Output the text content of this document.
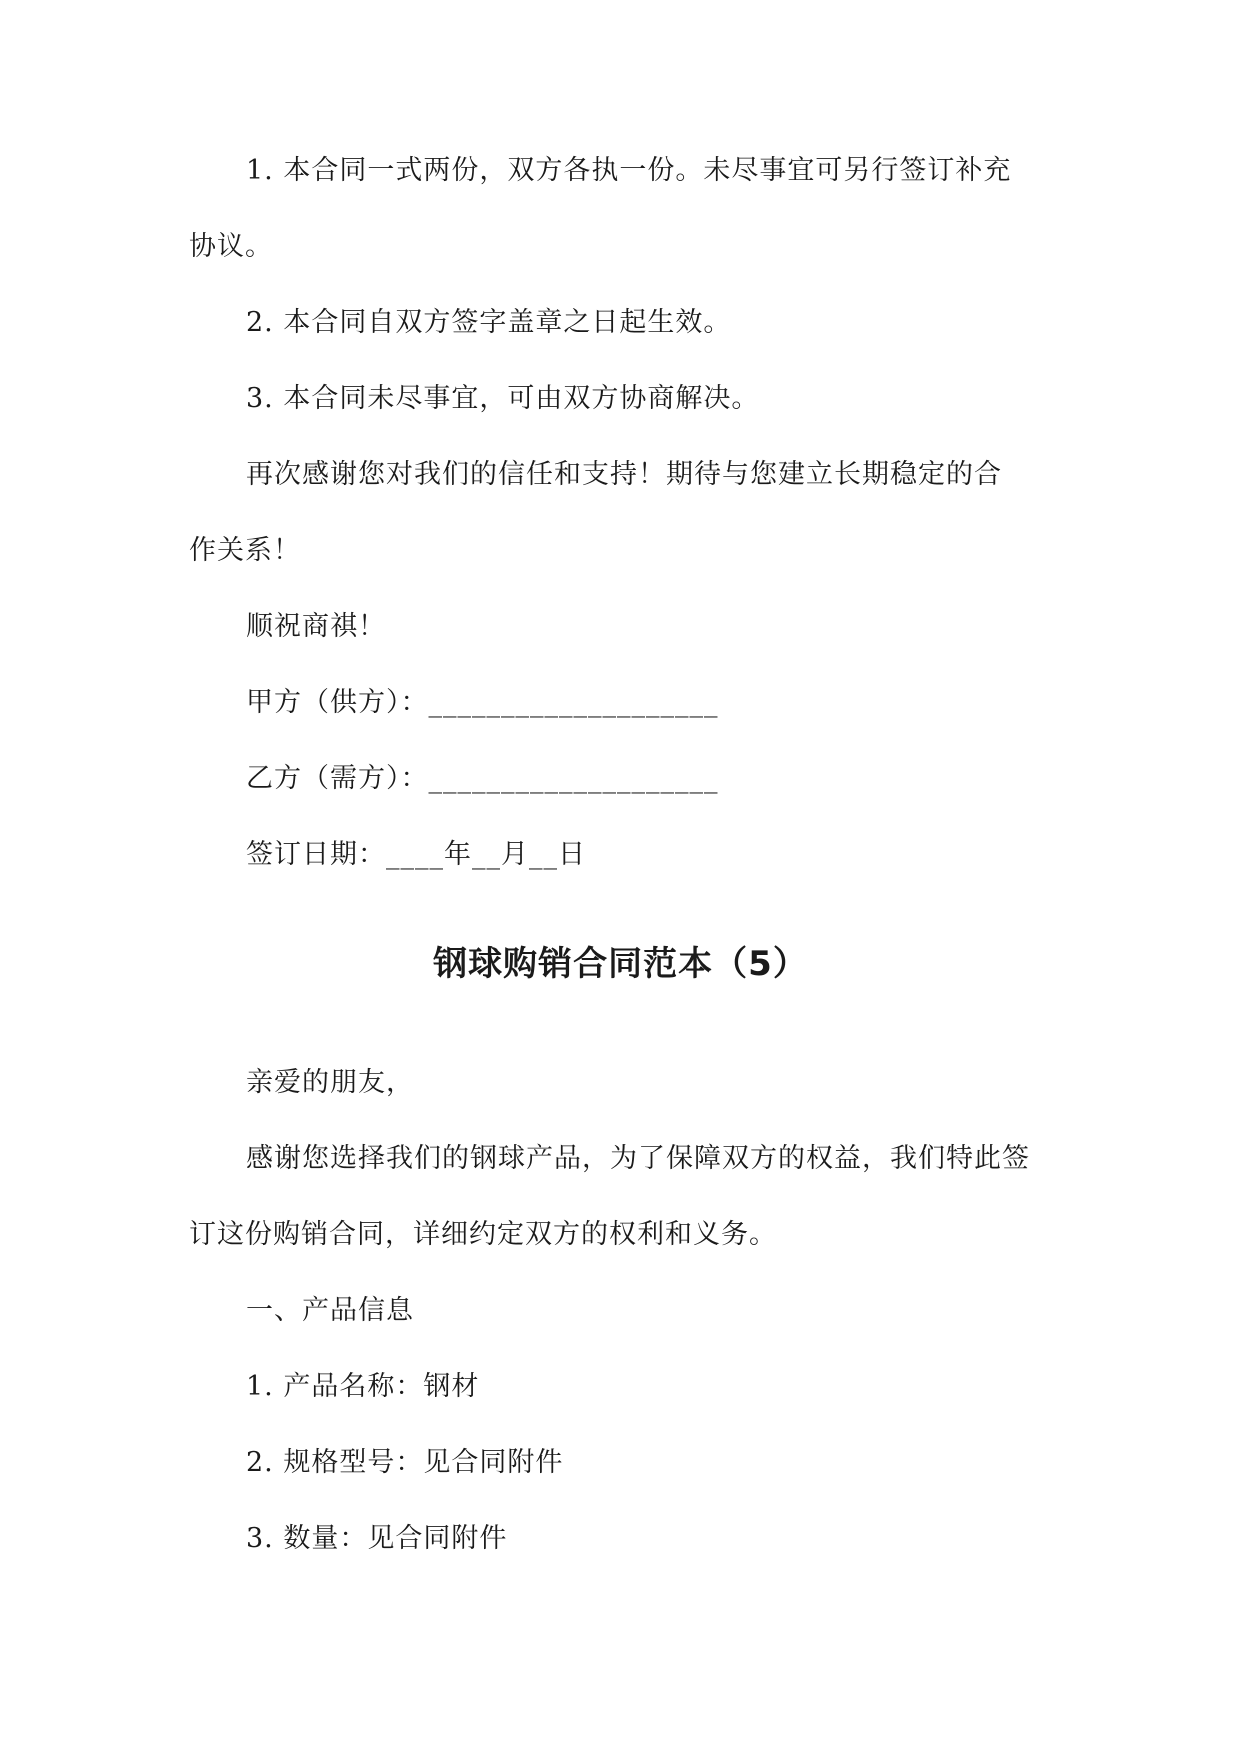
1. 本合同一式两份，双方各执一份。未尽事宜可另行签订补充
协议。
2. 本合同自双方签字盖章之日起生效。
3. 本合同未尽事宜，可由双方协商解决。
再次感谢您对我们的信任和支持！期待与您建立长期稳定的合
作关系！
顺祝商祺！
甲方（供方）：____________________
乙方（需方）：____________________
签订日期：____年__月__日
钢球购销合同范本（5）
亲爱的朋友，
感谢您选择我们的钢球产品，为了保障双方的权益，我们特此签
订这份购销合同，详细约定双方的权利和义务。
一、产品信息
1. 产品名称：钢材
2. 规格型号：见合同附件
3. 数量：见合同附件
